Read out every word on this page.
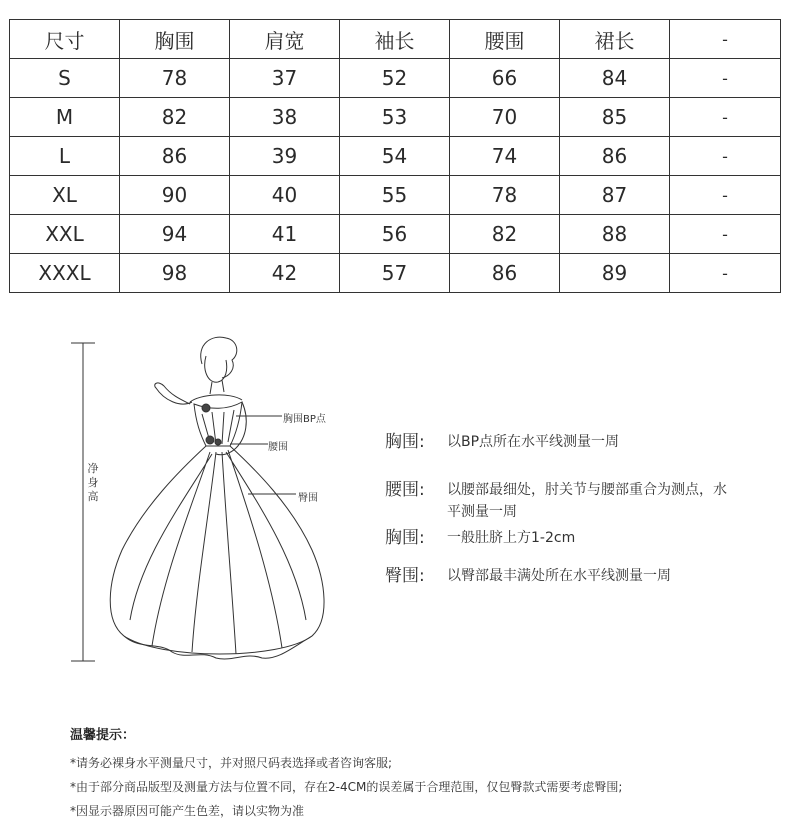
尺寸	胸围	肩宽	袖长	腰围	裙长	-
S	78	37	52	66	84	-
M	82	38	53	70	85	-
L	86	39	54	74	86	-
XL	90	40	55	78	87	-
XXL	94	41	56	82	88	-
XXXL	98	42	57	86	89	-
净身高
胸围BP点
腰围
臀围
胸围: 以BP点所在水平线测量一周
腰围: 以腰部最细处，肘关节与腰部重合为测点，水平测量一周
胸围: 一般肚脐上方1-2cm
臀围: 以臀部最丰满处所在水平线测量一周
温馨提示：
*请务必裸身水平测量尺寸，并对照尺码表选择或者咨询客服;
*由于部分商品版型及测量方法与位置不同，存在2-4CM的误差属于合理范围，仅包臀款式需要考虑臀围;
*因显示器原因可能产生色差，请以实物为准
